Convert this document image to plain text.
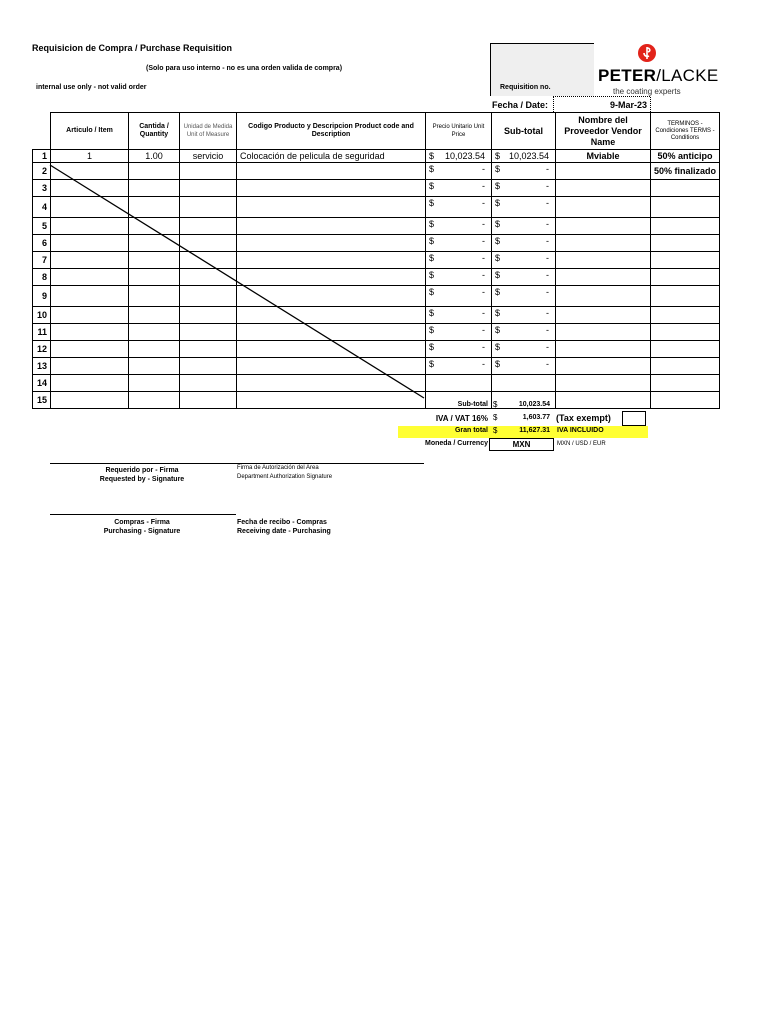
Requisicion de Compra / Purchase Requisition
(Solo para uso interno - no es una orden valida de compra)
internal use only - not valid order
PETER/LACKE
the coating experts
Requisition no.
Fecha / Date:	9-Mar-23
	Articulo / Item	Cantida / Quantity	Unidad de Medida Unit of Measure	Codigo Producto y Descripcion Product code and Description	Precio Unitario Unit Price	Sub-total	Nombre del Proveedor Vendor Name	TERMINOS - Condiciones TERMS - Conditions
1	1	1.00	servicio	Colocación de pelicula de seguridad	$ 10,023.54	$ 10,023.54	Mviable	50% anticipo
2					$ -	$ -		50% finalizado
3					$ -	$ -		

4					$ -	$ -		

5					$ -	$ -		

6					$ -	$ -		

7					$ -	$ -		

8					$ -	$ -		

9					$ -	$ -		

10					$ -	$ -		

11					$ -	$ -		

12					$ -	$ -		

13					$ -	$ -		

14					

15					

			Sub-total $	10,023.54
IVA / VAT 16% $	1,603.77 (Tax exempt)
Gran total $	11,627.31 IVA INCLUIDO
Moneda / Currency	MXN	MXN / USD / EUR
Requerido por - Firma
Requested by - Signature
Firma de Autorización del Area
Department Authorization Signature
Compras - Firma
Purchasing - Signature
Fecha de recibo - Compras
Receiving date - Purchasing
